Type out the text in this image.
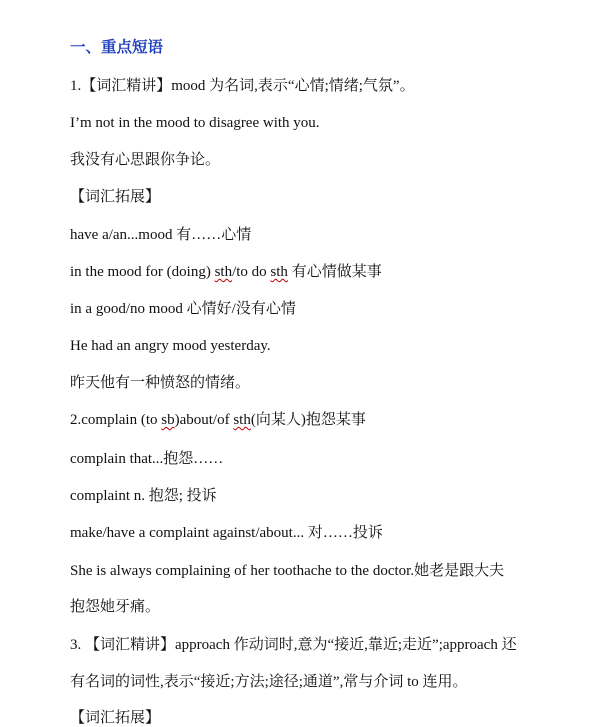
一、重点短语
1.【词汇精讲】mood 为名词,表示“心情;情绪;气氛”。
I’m not in the mood to disagree with you.
我没有心思跟你争论。
【词汇拓展】
have a/an...mood 有……心情
in the mood for (doing) sth/to do sth 有心情做某事
in a good/no mood 心情好/没有心情
He had an angry mood yesterday.
昨天他有一种愤怒的情绪。
2.complain (to sb)about/of sth(向某人)抱怨某事
complain that...抱怨……
complaint n. 抱怨; 投诉
make/have a complaint against/about... 对……投诉
She is always complaining of her toothache to the doctor.她老是跟大夫
抱怨她牙痛。
3. 【词汇精讲】approach 作动词时,意为“接近,靠近;走近”;approach 还
有名词的词性,表示“接近;方法;途径;通道”,常与介词 to 连用。
【词汇拓展】
